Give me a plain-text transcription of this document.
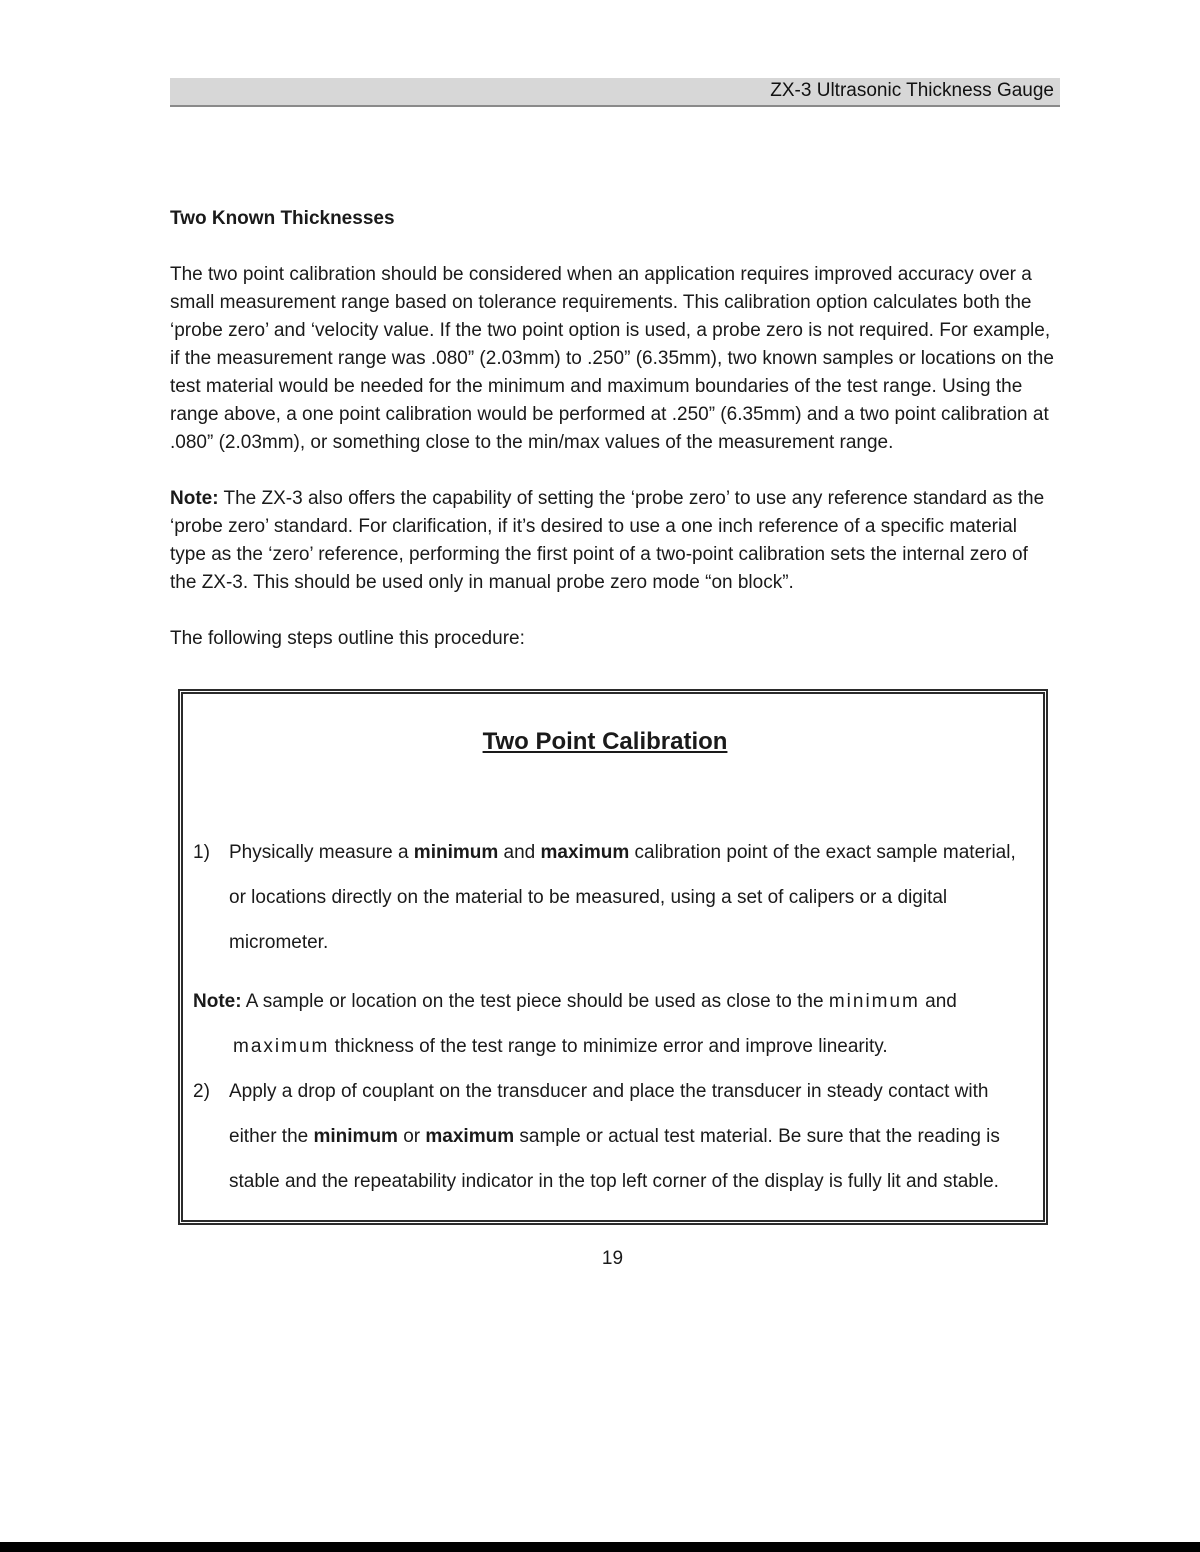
ZX-3 Ultrasonic Thickness Gauge
Two Known Thicknesses

The two point calibration should be considered when an application requires improved accuracy over a small measurement range based on tolerance requirements. This calibration option calculates both the ‘probe zero’ and ‘velocity value. If the two point option is used, a probe zero is not required. For example, if the measurement range was .080” (2.03mm) to .250” (6.35mm), two known samples or locations on the test material would be needed for the minimum and maximum boundaries of the test range. Using the range above, a one point calibration would be performed at .250” (6.35mm) and a two point calibration at .080” (2.03mm), or something close to the min/max values of the measurement range.

Note: The ZX-3 also offers the capability of setting the ‘probe zero’ to use any reference standard as the ‘probe zero’ standard. For clarification, if it’s desired to use a one inch reference of a specific material type as the ‘zero’ reference, performing the first point of a two-point calibration sets the internal zero of the ZX-3. This should be used only in manual probe zero mode “on block”.

The following steps outline this procedure:

Two Point Calibration
1)	Physically measure a minimum and maximum calibration point of the exact sample material, or locations directly on the material to be measured, using a set of calipers or a digital micrometer.

Note: A sample or location on the test piece should be used as close to the minimum and maximum thickness of the test range to minimize error and improve linearity.

2)	Apply a drop of couplant on the transducer and place the transducer in steady contact with either the minimum or maximum sample or actual test material. Be sure that the reading is stable and the repeatability indicator in the top left corner of the display is fully lit and stable.
19
